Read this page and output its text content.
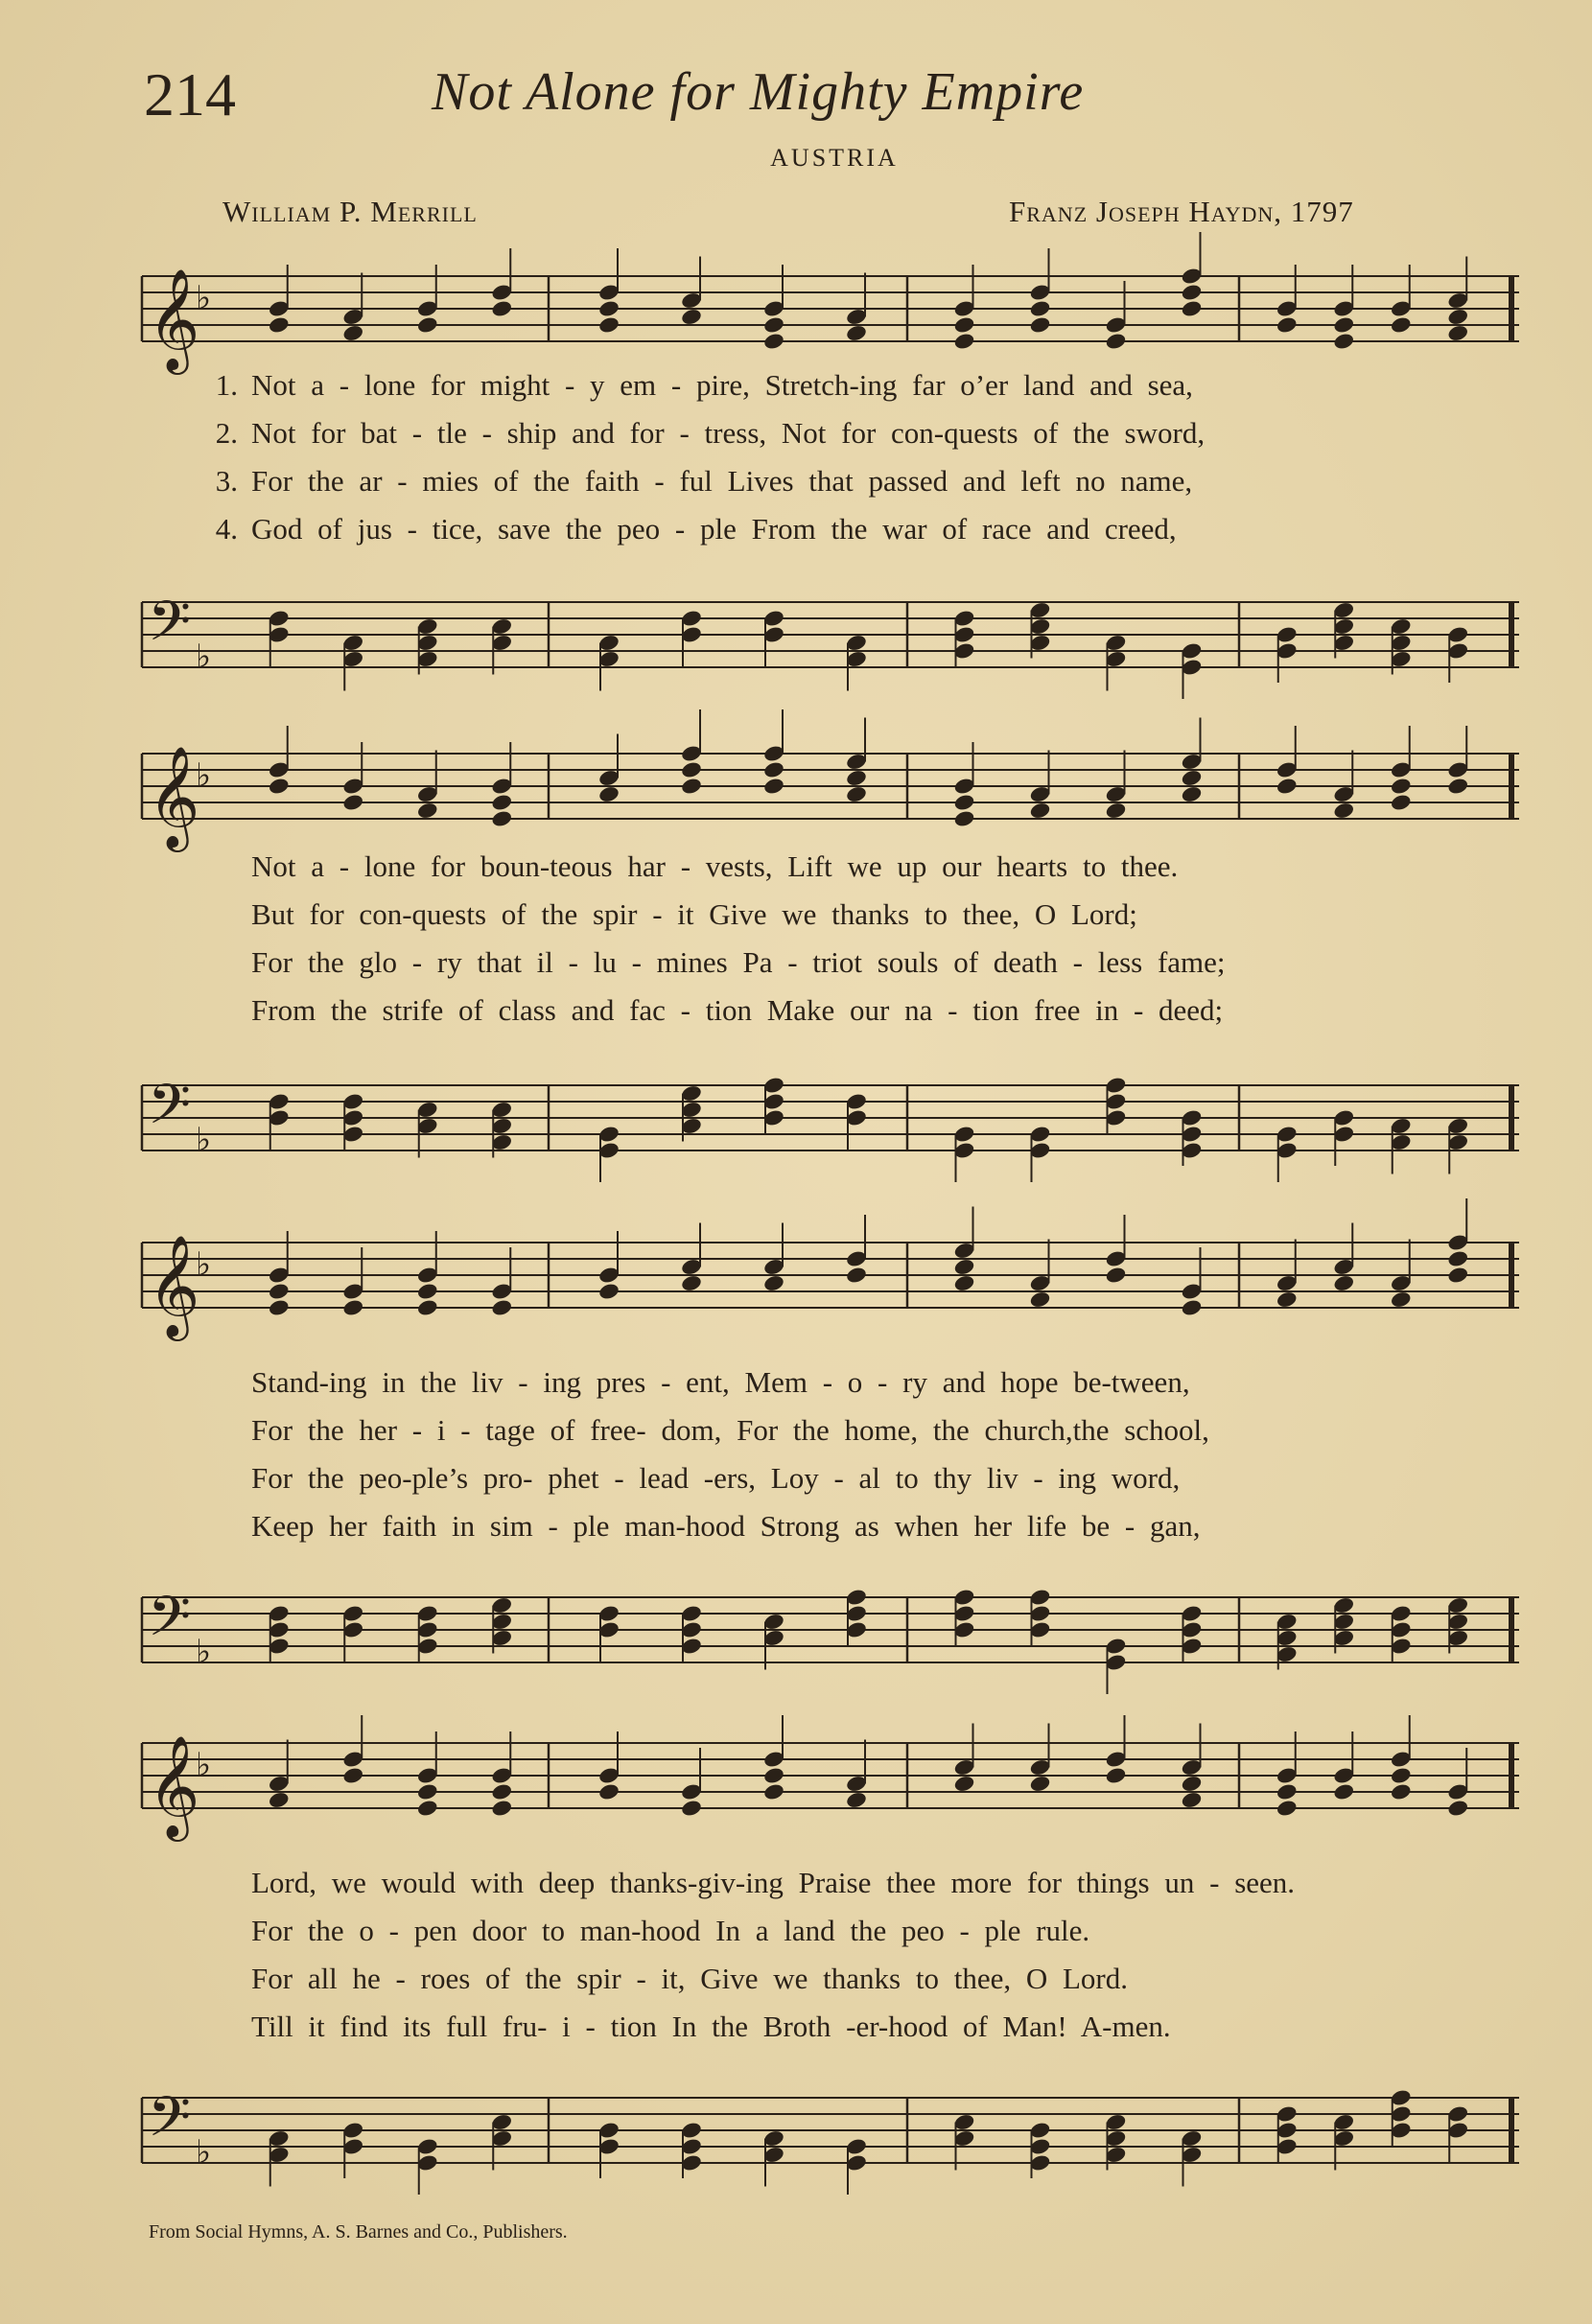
214	Not Alone for Mighty Empire
AUSTRIA
William P. Merrill	Franz Joseph Haydn, 1797
𝄞
♭
1. Not a - lone for might - y em - pire, Stretch-ing far o’er land and sea,
2. Not for bat - tle - ship and for - tress, Not for con-quests of the sword,
3. For the ar - mies of the faith - ful Lives that passed and left no name,
4. God of jus - tice, save the peo - ple From the war of race and creed,
𝄢 ♭
𝄞
♭
Not a - lone for boun-teous har - vests, Lift we up our hearts to thee.
But for con-quests of the spir - it Give we thanks to thee, O Lord;
For the glo - ry that il - lu - mines Pa - triot souls of death - less fame;
From the strife of class and fac - tion Make our na - tion free in - deed;
𝄢 ♭
𝄞
♭
Stand-ing in the liv - ing pres - ent, Mem - o - ry and hope be-tween,
For the her - i - tage of free- dom, For the home, the church,the school,
For the peo-ple’s pro- phet - lead -ers, Loy - al to thy liv - ing word,
Keep her faith in sim - ple man-hood Strong as when her life be - gan,
𝄢 ♭
𝄞
♭
Lord, we would with deep thanks-giv-ing Praise thee more for things un - seen.
For the o - pen door to man-hood In a land the peo - ple rule.
For all he - roes of the spir - it, Give we thanks to thee, O Lord.
Till it find its full fru- i - tion In the Broth -er-hood of Man! A-men.
𝄢 ♭
From Social Hymns, A. S. Barnes and Co., Publishers.
